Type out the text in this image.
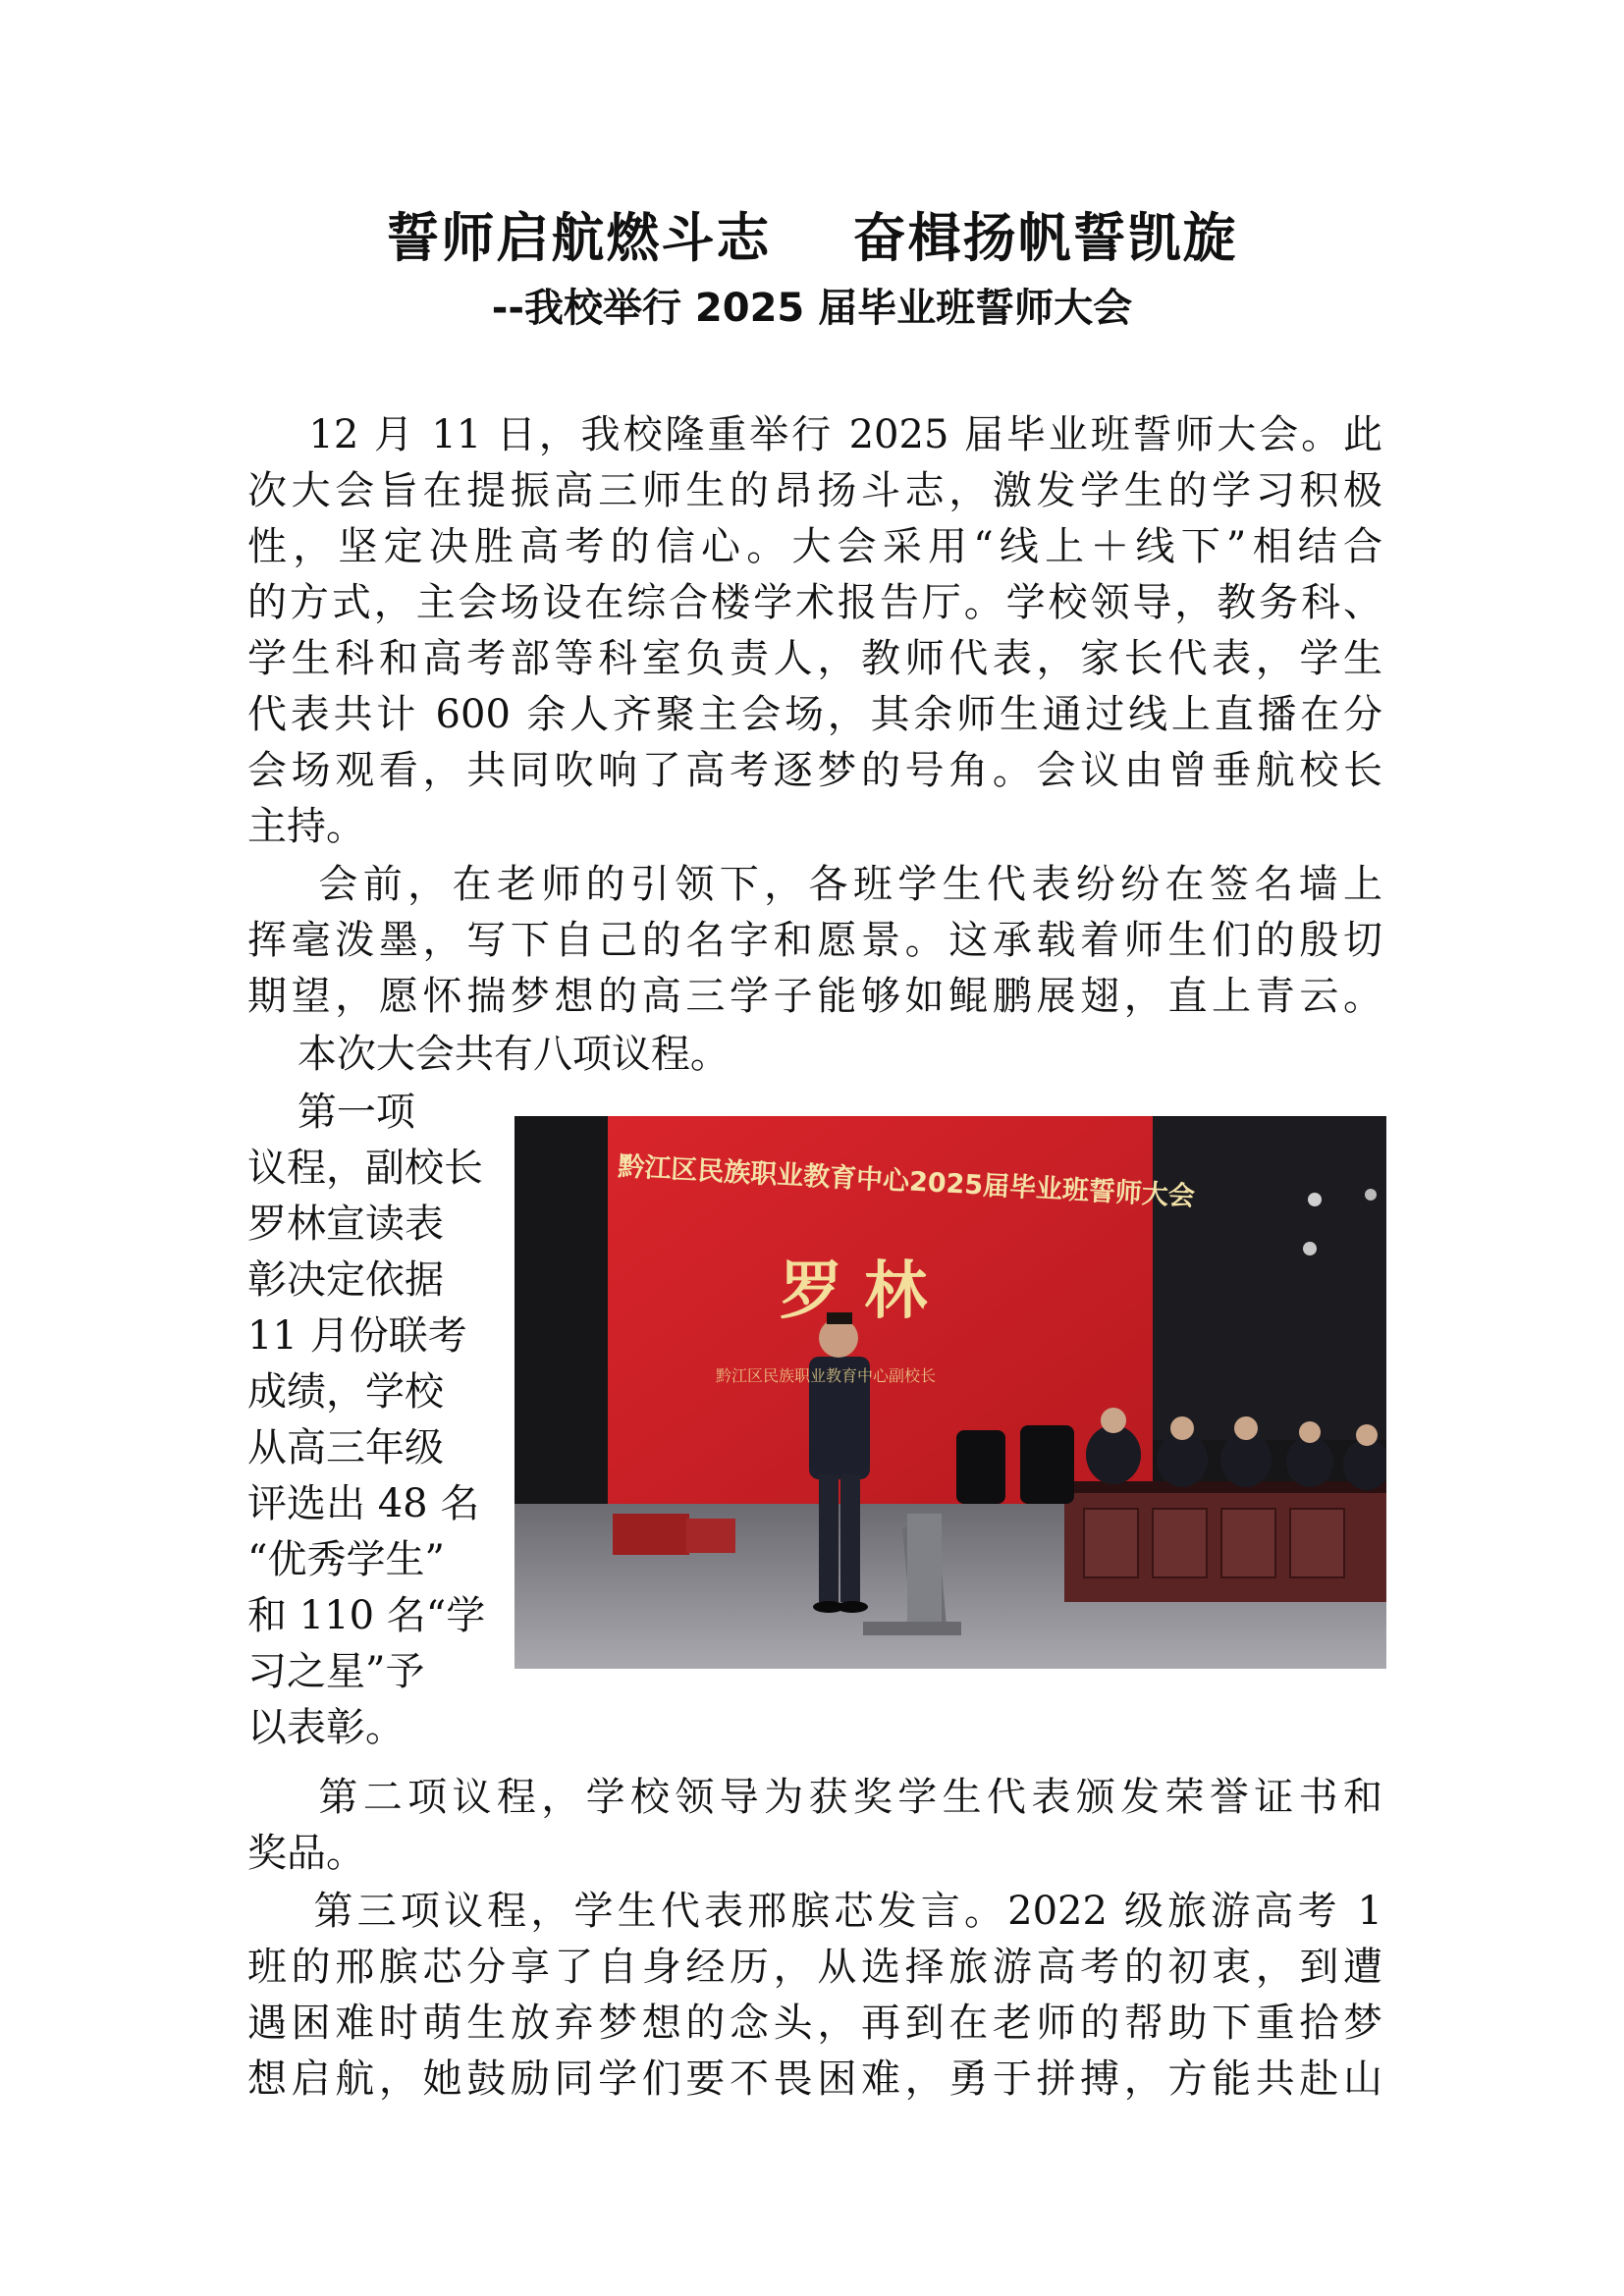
誓师启航燃斗志    奋楫扬帆誓凯旋
--我校举行 2025 届毕业班誓师大会
12 月 11 日，我校隆重举行 2025 届毕业班誓师大会。此
次大会旨在提振高三师生的昂扬斗志，激发学生的学习积极
性，坚定决胜高考的信心。大会采用“线上＋线下”相结合
的方式，主会场设在综合楼学术报告厅。学校领导，教务科、
学生科和高考部等科室负责人，教师代表，家长代表，学生
代表共计 600 余人齐聚主会场，其余师生通过线上直播在分
会场观看，共同吹响了高考逐梦的号角。会议由曾垂航校长
主持。
会前，在老师的引领下，各班学生代表纷纷在签名墙上
挥毫泼墨，写下自己的名字和愿景。这承载着师生们的殷切
期望，愿怀揣梦想的高三学子能够如鲲鹏展翅，直上青云。
本次大会共有八项议程。
第一项
议程，副校长
罗林宣读表
彰决定依据
11 月份联考
成绩，学校
从高三年级
评选出 48 名
“优秀学生”
和 110 名“学
习之星”予
以表彰。
黔江区民族职业教育中心2025届毕业班誓师大会
罗 林
黔江区民族职业教育中心副校长
第二项议程，学校领导为获奖学生代表颁发荣誉证书和
奖品。
第三项议程，学生代表邢膑芯发言。2022 级旅游高考 1
班的邢膑芯分享了自身经历，从选择旅游高考的初衷，到遭
遇困难时萌生放弃梦想的念头，再到在老师的帮助下重拾梦
想启航，她鼓励同学们要不畏困难，勇于拼搏，方能共赴山
